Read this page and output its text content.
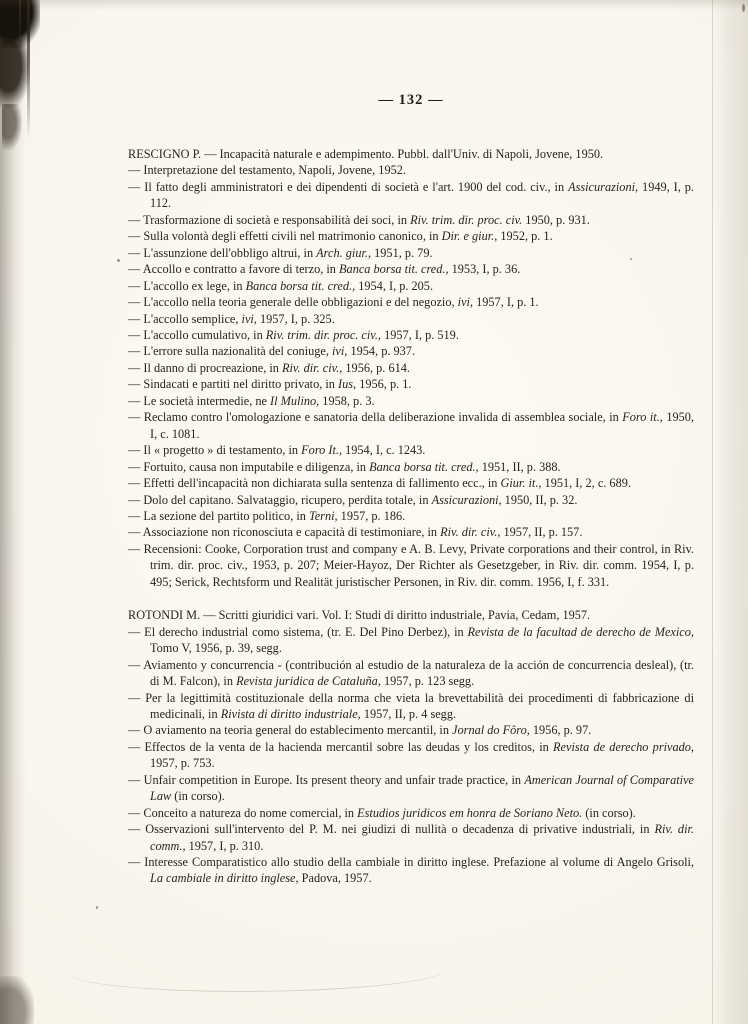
— 132 —

RESCIGNO P. — Incapacità naturale e adempimento. Pubbl. dall'Univ. di Napoli, Jovene, 1950.

— Interpretazione del testamento, Napoli, Jovene, 1952.

— Il fatto degli amministratori e dei dipendenti di società e l'art. 1900 del cod. civ., in Assicurazioni, 1949, I, p. 112.

— Trasformazione di società e responsabilità dei soci, in Riv. trim. dir. proc. civ. 1950, p. 931.

— Sulla volontà degli effetti civili nel matrimonio canonico, in Dir. e giur., 1952, p. 1.

— L'assunzione dell'obbligo altrui, in Arch. giur., 1951, p. 79.

— Accollo e contratto a favore di terzo, in Banca borsa tit. cred., 1953, I, p. 36.

— L'accollo ex lege, in Banca borsa tit. cred., 1954, I, p. 205.

— L'accollo nella teoria generale delle obbligazioni e del negozio, ivi, 1957, I, p. 1.

— L'accollo semplice, ivi, 1957, I, p. 325.

— L'accollo cumulativo, in Riv. trim. dir. proc. civ., 1957, I, p. 519.

— L'errore sulla nazionalità del coniuge, ivi, 1954, p. 937.

— Il danno di procreazione, in Riv. dir. civ., 1956, p. 614.

— Sindacati e partiti nel diritto privato, in Ius, 1956, p. 1.

— Le società intermedie, ne Il Mulino, 1958, p. 3.

— Reclamo contro l'omologazione e sanatoria della deliberazione invalida di assemblea sociale, in Foro it., 1950, I, c. 1081.

— Il « progetto » di testamento, in Foro It., 1954, I, c. 1243.

— Fortuito, causa non imputabile e diligenza, in Banca borsa tit. cred., 1951, II, p. 388.

— Effetti dell'incapacità non dichiarata sulla sentenza di fallimento ecc., in Giur. it., 1951, I, 2, c. 689.

— Dolo del capitano. Salvataggio, ricupero, perdita totale, in Assicurazioni, 1950, II, p. 32.

— La sezione del partito politico, in Terni, 1957, p. 186.

— Associazione non riconosciuta e capacità di testimoniare, in Riv. dir. civ., 1957, II, p. 157.

— Recensioni: Cooke, Corporation trust and company e A. B. Levy, Private corporations and their control, in Riv. trim. dir. proc. civ., 1953, p. 207; Meier-Hayoz, Der Richter als Gesetzgeber, in Riv. dir. comm. 1954, I, p. 495; Serick, Rechtsform und Realität juristischer Personen, in Riv. dir. comm. 1956, I, f. 331.

ROTONDI M. — Scritti giuridici vari. Vol. I: Studi di diritto industriale, Pavia, Cedam, 1957.

— El derecho industrial como sistema, (tr. E. Del Pino Derbez), in Revista de la facultad de derecho de Mexico, Tomo V, 1956, p. 39, segg.

— Aviamento y concurrencia - (contribución al estudio de la naturaleza de la acción de concurrencia desleal), (tr. di M. Falcon), in Revista juridica de Cataluña, 1957, p. 123 segg.

— Per la legittimità costituzionale della norma che vieta la brevettabilità dei procedimenti di fabbricazione di medicinali, in Rivista di diritto industriale, 1957, II, p. 4 segg.

— O aviamento na teoria general do establecimento mercantil, in Jornal do Fôro, 1956, p. 97.

— Effectos de la venta de la hacienda mercantil sobre las deudas y los creditos, in Revista de derecho privado, 1957, p. 753.

— Unfair competition in Europe. Its present theory and unfair trade practice, in American Journal of Comparative Law (in corso).

— Conceito a natureza do nome comercial, in Estudios juridicos em honra de Soriano Neto. (in corso).

— Osservazioni sull'intervento del P. M. nei giudizi di nullità o decadenza di privative industriali, in Riv. dir. comm., 1957, I, p. 310.

— Interesse Comparatistico allo studio della cambiale in diritto inglese. Prefazione al volume di Angelo Grisoli, La cambiale in diritto inglese, Padova, 1957.
